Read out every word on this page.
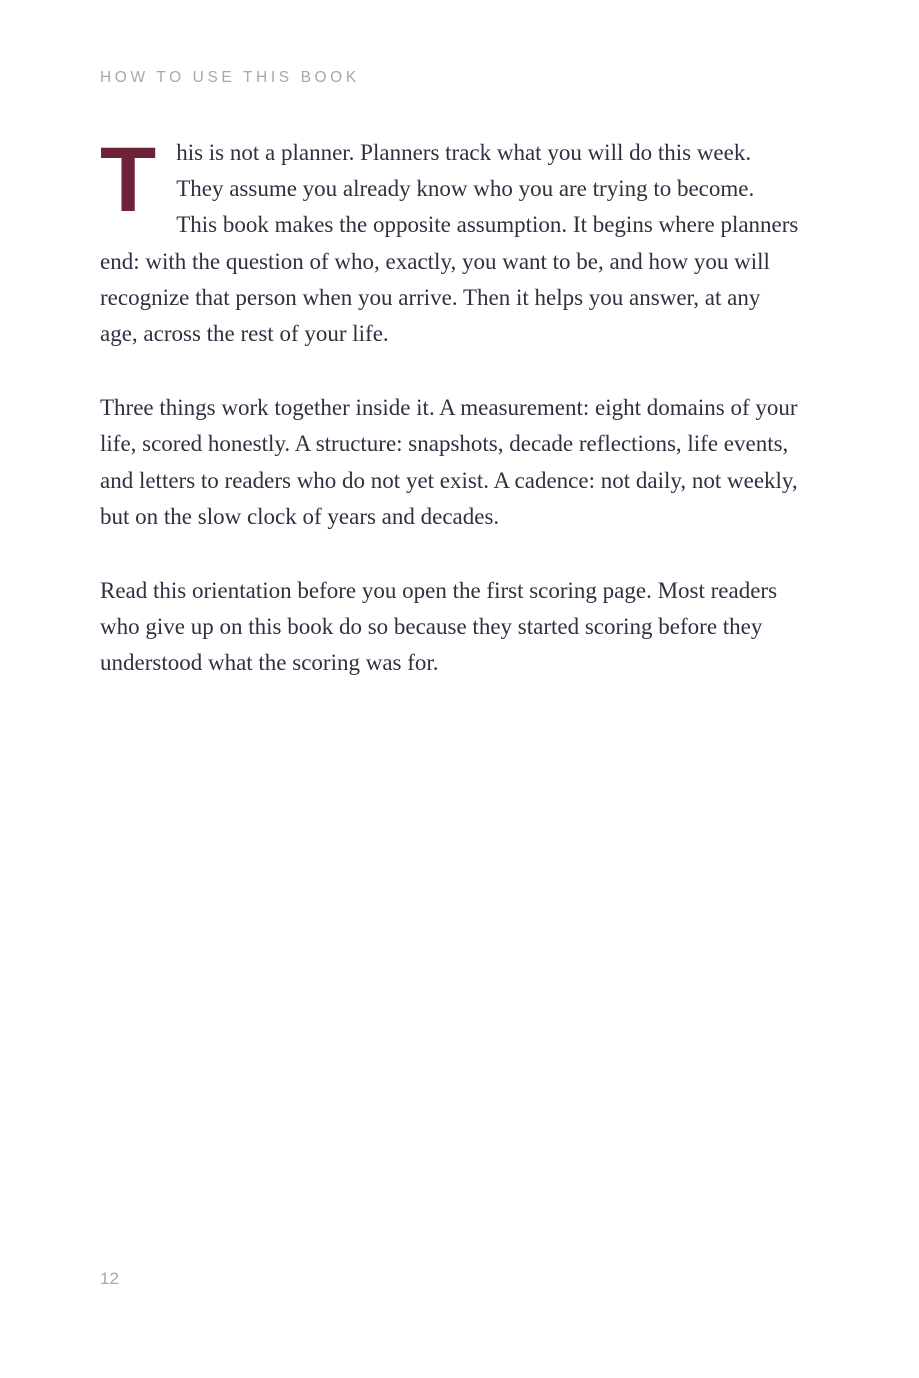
HOW TO USE THIS BOOK

This is not a planner. Planners track what you will do this week. They assume you already know who you are trying to become. This book makes the opposite assumption. It begins where planners end: with the question of who, exactly, you want to be, and how you will recognize that person when you arrive. Then it helps you answer, at any age, across the rest of your life.

Three things work together inside it. A measurement: eight domains of your life, scored honestly. A structure: snapshots, decade reflections, life events, and letters to readers who do not yet exist. A cadence: not daily, not weekly, but on the slow clock of years and decades.

Read this orientation before you open the first scoring page. Most readers who give up on this book do so because they started scoring before they understood what the scoring was for.

12
